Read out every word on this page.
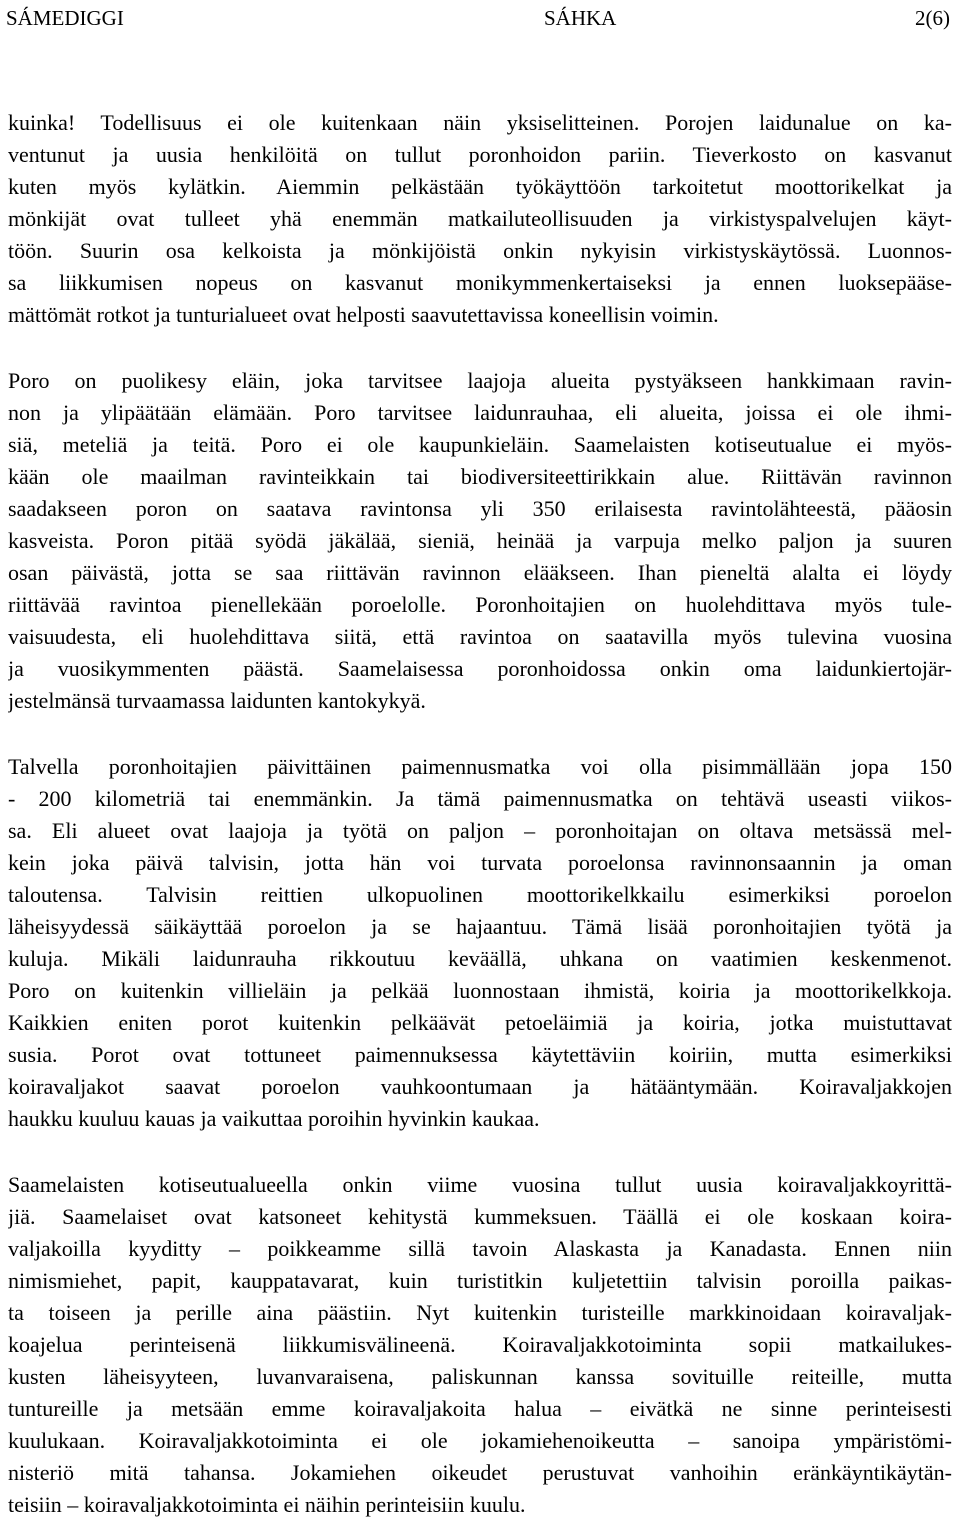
SÁMEDIGGI	SÁHKA	2(6)
kuinka! Todellisuus ei ole kuitenkaan näin yksiselitteinen. Porojen laidunalue on ka-
ventunut ja uusia henkilöitä on tullut poronhoidon pariin. Tieverkosto on kasvanut
kuten myös kylätkin. Aiemmin pelkästään työkäyttöön tarkoitetut moottorikelkat ja
mönkijät ovat tulleet yhä enemmän matkailuteollisuuden ja virkistyspalvelujen käyt-
töön. Suurin osa kelkoista ja mönkijöistä onkin nykyisin virkistyskäytössä. Luonnos-
sa liikkumisen nopeus on kasvanut monikymmenkertaiseksi ja ennen luoksepääse-
mättömät rotkot ja tunturialueet ovat helposti saavutettavissa koneellisin voimin.
Poro on puolikesy eläin, joka tarvitsee laajoja alueita pystyäkseen hankkimaan ravin-
non ja ylipäätään elämään. Poro tarvitsee laidunrauhaa, eli alueita, joissa ei ole ihmi-
siä, meteliä ja teitä. Poro ei ole kaupunkieläin. Saamelaisten kotiseutualue ei myös-
kään ole maailman ravinteikkain tai biodiversiteettirikkain alue. Riittävän ravinnon
saadakseen poron on saatava ravintonsa yli 350 erilaisesta ravintolähteestä, pääosin
kasveista. Poron pitää syödä jäkälää, sieniä, heinää ja varpuja melko paljon ja suuren
osan päivästä, jotta se saa riittävän ravinnon elääkseen. Ihan pieneltä alalta ei löydy
riittävää ravintoa pienellekään poroelolle. Poronhoitajien on huolehdittava myös tule-
vaisuudesta, eli huolehdittava siitä, että ravintoa on saatavilla myös tulevina vuosina
ja vuosikymmenten päästä. Saamelaisessa poronhoidossa onkin oma laidunkiertojär-
jestelmänsä turvaamassa laidunten kantokykyä.
Talvella poronhoitajien päivittäinen paimennusmatka voi olla pisimmällään jopa 150
- 200 kilometriä tai enemmänkin. Ja tämä paimennusmatka on tehtävä useasti viikos-
sa. Eli alueet ovat laajoja ja työtä on paljon – poronhoitajan on oltava metsässä mel-
kein joka päivä talvisin, jotta hän voi turvata poroelonsa ravinnonsaannin ja oman
taloutensa. Talvisin reittien ulkopuolinen moottorikelkkailu esimerkiksi poroelon
läheisyydessä säikäyttää poroelon ja se hajaantuu. Tämä lisää poronhoitajien työtä ja
kuluja. Mikäli laidunrauha rikkoutuu keväällä, uhkana on vaatimien keskenmenot.
Poro on kuitenkin villieläin ja pelkää luonnostaan ihmistä, koiria ja moottorikelkkoja.
Kaikkien eniten porot kuitenkin pelkäävät petoeläimiä ja koiria, jotka muistuttavat
susia. Porot ovat tottuneet paimennuksessa käytettäviin koiriin, mutta esimerkiksi
koiravaljakot saavat poroelon vauhkoontumaan ja hätääntymään. Koiravaljakkojen
haukku kuuluu kauas ja vaikuttaa poroihin hyvinkin kaukaa.
Saamelaisten kotiseutualueella onkin viime vuosina tullut uusia koiravaljakkoyrittä-
jiä. Saamelaiset ovat katsoneet kehitystä kummeksuen. Täällä ei ole koskaan koira-
valjakoilla kyyditty – poikkeamme sillä tavoin Alaskasta ja Kanadasta. Ennen niin
nimismiehet, papit, kauppatavarat, kuin turistitkin kuljetettiin talvisin poroilla paikas-
ta toiseen ja perille aina päästiin. Nyt kuitenkin turisteille markkinoidaan koiravaljak-
koajelua perinteisenä liikkumisvälineenä. Koiravaljakkotoiminta sopii matkailukes-
kusten läheisyyteen, luvanvaraisena, paliskunnan kanssa sovituille reiteille, mutta
tuntureille ja metsään emme koiravaljakoita halua – eivätkä ne sinne perinteisesti
kuulukaan. Koiravaljakkotoiminta ei ole jokamiehenoikeutta – sanoipa ympäristömi-
nisteriö mitä tahansa. Jokamiehen oikeudet perustuvat vanhoihin eränkäyntikäytän-
teisiin – koiravaljakkotoiminta ei näihin perinteisiin kuulu.
